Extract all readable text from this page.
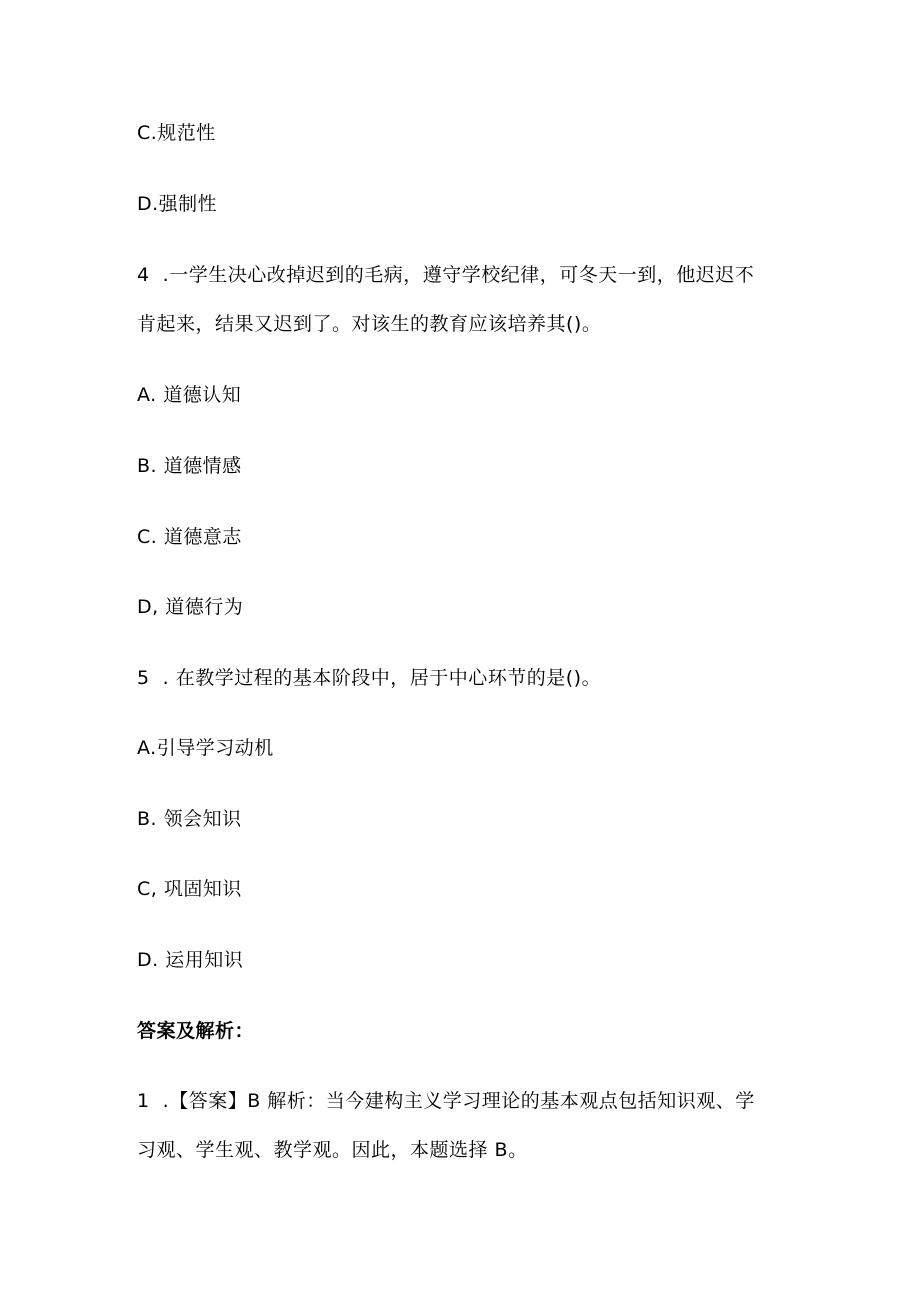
C.规范性
D.强制性
4  .一学生决心改掉迟到的毛病，遵守学校纪律，可冬天一到，他迟迟不
肯起来，结果又迟到了。对该生的教育应该培养其()。
A. 道德认知
B. 道德情感
C. 道德意志
D, 道德行为
5  . 在教学过程的基本阶段中，居于中心环节的是()。
A.引导学习动机
B. 领会知识
C, 巩固知识
D. 运用知识
答案及解析：
1  .【答案】B 解析：当今建构主义学习理论的基本观点包括知识观、学
习观、学生观、教学观。因此，本题选择 B。
